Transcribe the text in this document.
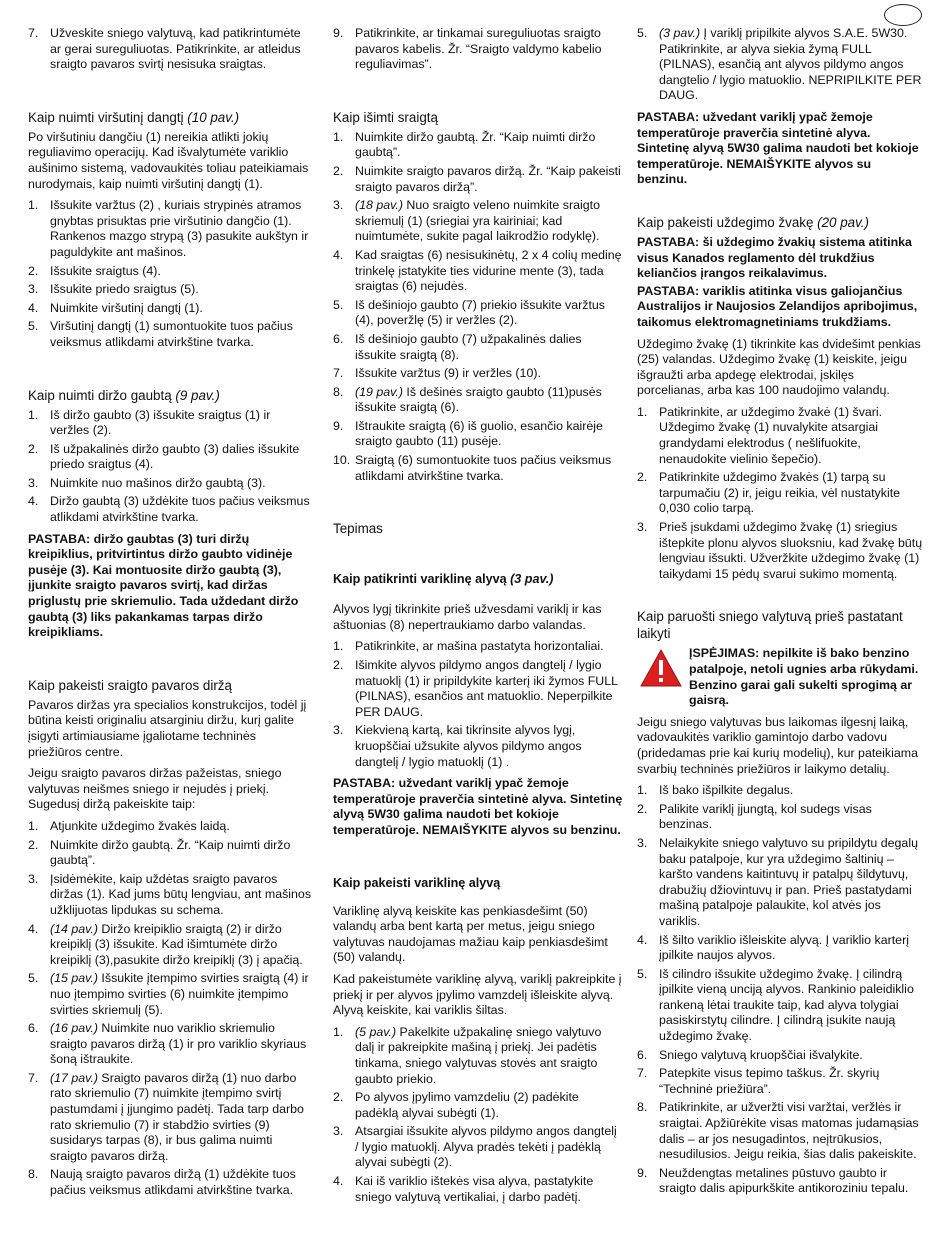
7. Užveskite sniego valytuvą, kad patikrintumėte ar gerai sureguliuotas. Patikrinkite, ar atleidus sraigto pavaros svirtį nesisuka sraigtas.
Kaip nuimti viršutinį dangtį (10 pav.)

Po viršutiniu dangčiu (1) nereikia atlikti jokių reguliavimo operacijų. Kad išvalytumėte variklio aušinimo sistemą, vadovaukitės toliau pateikiamais nurodymais, kaip nuimti viršutinį dangtį (1).

1. Išsukite varžtus (2) , kuriais strypinės atramos gnybtas prisuktas prie viršutinio dangčio (1). Rankenos mazgo strypą (3) pasukite aukštyn ir paguldykite ant mašinos.
2. Išsukite sraigtus (4).
3. Išsukite priedo sraigtus (5).
4. Nuimkite viršutinį dangtį (1).
5. Viršutinį dangtį (1) sumontuokite tuos pačius veiksmus atlikdami atvirkštine tvarka.
Kaip nuimti diržo gaubtą (9 pav.)
1. Iš diržo gaubto (3) išsukite sraigtus (1) ir veržles (2).
2. Iš užpakalinės diržo gaubto (3) dalies išsukite priedo sraigtus (4).
3. Nuimkite nuo mašinos diržo gaubtą (3).
4. Diržo gaubtą (3) uždėkite tuos pačius veiksmus atlikdami atvirkštine tvarka.

PASTABA: diržo gaubtas (3) turi diržų kreipiklius, pritvirtintus diržo gaubto vidinėje pusėje (3). Kai montuosite diržo gaubtą (3), įjunkite sraigto pavaros svirtį, kad diržas priglustų prie skriemulio. Tada uždedant diržo gaubtą (3) liks pakankamas tarpas diržo kreipikliams.

Kaip pakeisti sraigto pavaros diržą

Pavaros diržas yra specialios konstrukcijos, todėl jį būtina keisti originaliu atsarginiu diržu, kurį galite įsigyti artimiausiame įgaliotame techninės priežiūros centre.

Jeigu sraigto pavaros diržas pažeistas, sniego valytuvas neišmes sniego ir nejudės į priekį. Sugedusį diržą pakeiskite taip:

1. Atjunkite uždegimo žvakės laidą.
2. Nuimkite diržo gaubtą. Žr. “Kaip nuimti diržo gaubtą”.
3. Įsidėmėkite, kaip uždėtas sraigto pavaros diržas (1). Kad jums būtų lengviau, ant mašinos užklijuotas lipdukas su schema.
4. (14 pav.) Diržo kreipiklio sraigtą (2) ir diržo kreipiklį (3) išsukite. Kad išimtumėte diržo kreipiklį (3),pasukite diržo kreipiklį (3) į apačią.
5. (15 pav.) Išsukite įtempimo svirties sraigtą (4) ir nuo įtempimo svirties (6) nuimkite įtempimo svirties skriemulį (5).
6. (16 pav.) Nuimkite nuo variklio skriemulio sraigto pavaros diržą (1) ir pro variklio skyriaus šoną ištraukite.
7. (17 pav.) Sraigto pavaros diržą (1) nuo darbo rato skriemulio (7) nuimkite įtempimo svirtį pastumdami į įjungimo padėtį. Tada tarp darbo rato skriemulio (7) ir stabdžio svirties (9) susidarys tarpas (8), ir bus galima nuimti sraigto pavaros diržą.
8. Naują sraigto pavaros diržą (1) uždėkite tuos pačius veiksmus atlikdami atvirkštine tvarka.
9. Patikrinkite, ar tinkamai sureguliuotas sraigto pavaros kabelis. Žr. “Sraigto valdymo kabelio reguliavimas”.
Kaip išimti sraigtą
1. Nuimkite diržo gaubtą. Žr. “Kaip nuimti diržo gaubtą”.
2. Nuimkite sraigto pavaros diržą. Žr. “Kaip pakeisti sraigto pavaros diržą”.
3. (18 pav.) Nuo sraigto veleno nuimkite sraigto skriemulį (1) (sriegiai yra kairiniai; kad nuimtumėte, sukite pagal laikrodžio rodyklę).
4. Kad sraigtas (6) nesisukinėtų, 2 x 4 colių medinę trinkelę įstatykite ties vidurine mente (3), tada sraigtas (6) nejudės.
5. Iš dešiniojo gaubto (7) priekio išsukite varžtus (4), poveržlę (5) ir veržles (2).
6. Iš dešiniojo gaubto (7) užpakalinės dalies išsukite sraigtą (8).
7. Išsukite varžtus (9) ir veržles (10).
8. (19 pav.) Iš dešinės sraigto gaubto (11)pusės išsukite sraigtą (6).
9. Ištraukite sraigtą (6) iš guolio, esančio kairėje sraigto gaubto (11) pusėje.
10. Sraigtą (6) sumontuokite tuos pačius veiksmus atlikdami atvirkštine tvarka.
Tepimas
Kaip patikrinti variklinę alyvą (3 pav.)

Alyvos lygį tikrinkite prieš užvesdami variklį ir kas aštuonias (8) nepertraukiamo darbo valandas.

1. Patikrinkite, ar mašina pastatyta horizontaliai.
2. Išimkite alyvos pildymo angos dangtelį / lygio matuoklį (1) ir pripildykite karterį iki žymos FULL (PILNAS), esančios ant matuoklio. Neperpilkite PER DAUG.
3. Kiekvieną kartą, kai tikrinsite alyvos lygį, kruopščiai užsukite alyvos pildymo angos dangtelį / lygio matuoklį (1) .

PASTABA: užvedant variklį ypač žemoje temperatūroje praverčia sintetinė alyva. Sintetinę alyvą 5W30 galima naudoti bet kokioje temperatūroje. NEMAIŠYKITE alyvos su benzinu.

Kaip pakeisti variklinę alyvą

Variklinę alyvą keiskite kas penkiasdešimt (50) valandų arba bent kartą per metus, jeigu sniego valytuvas naudojamas mažiau kaip penkiasdešimt (50) valandų.

Kad pakeistumėte variklinę alyvą, variklį pakreipkite į priekį ir per alyvos įpylimo vamzdelį išleiskite alyvą. Alyvą keiskite, kai variklis šiltas.

1. (5 pav.) Pakelkite užpakalinę sniego valytuvo dalį ir pakreipkite mašiną į priekį. Jei padėtis tinkama, sniego valytuvas stovės ant sraigto gaubto priekio.
2. Po alyvos įpylimo vamzdeliu (2) padėkite padėklą alyvai subėgti (1).
3. Atsargiai išsukite alyvos pildymo angos dangtelį / lygio matuoklį. Alyva pradės tekėti į padėklą alyvai subėgti (2).
4. Kai iš variklio ištekės visa alyva, pastatykite sniego valytuvą vertikaliai, į darbo padėtį.
5. (3 pav.) Į variklį pripilkite alyvos S.A.E. 5W30. Patikrinkite, ar alyva siekia žymą FULL (PILNAS), esančią ant alyvos pildymo angos dangtelio / lygio matuoklio. NEPRIPILKITE PER DAUG.

PASTABA: užvedant variklį ypač žemoje temperatūroje praverčia sintetinė alyva. Sintetinę alyvą 5W30 galima naudoti bet kokioje temperatūroje. NEMAIŠYKITE alyvos su benzinu.

Kaip pakeisti uždegimo žvakę (20 pav.)

PASTABA: ši uždegimo žvakių sistema atitinka visus Kanados reglamento dėl trukdžius keliančios įrangos reikalavimus.

PASTABA: variklis atitinka visus galiojančius Australijos ir Naujosios Zelandijos apribojimus, taikomus elektromagnetiniams trukdžiams.

Uždegimo žvakę (1) tikrinkite kas dvidešimt penkias (25) valandas. Uždegimo žvakę (1) keiskite, jeigu išgraužti arba apdegę elektrodai, įskilęs porcelianas, arba kas 100 naudojimo valandų.

1. Patikrinkite, ar uždegimo žvakė (1) švari. Uždegimo žvakę (1) nuvalykite atsargiai grandydami elektrodus ( nešlifuokite, nenaudokite vielinio šepečio).
2. Patikrinkite uždegimo žvakės (1) tarpą su tarpumačiu (2) ir, jeigu reikia, vėl nustatykite 0,030 colio tarpą.
3. Prieš įsukdami uždegimo žvakę (1) sriegius ištepkite plonu alyvos sluoksniu, kad žvakę būtų lengviau išsukti. Užveržkite uždegimo žvakę (1) taikydami 15 pėdų svarui sukimo momentą.
Kaip paruošti sniego valytuvą prieš pastatant laikyti
ĮSPĖJIMAS: nepilkite iš bako benzino patalpoje, netoli ugnies arba rūkydami. Benzino garai gali sukelti sprogimą ar gaisrą.

Jeigu sniego valytuvas bus laikomas ilgesnį laiką, vadovaukitės variklio gamintojo darbo vadovu (pridedamas prie kai kurių modelių), kur pateikiama svarbių techninės priežiūros ir laikymo detalių.

1. Iš bako išpilkite degalus.
2. Palikite variklį įjungtą, kol sudegs visas benzinas.
3. Nelaikykite sniego valytuvo su pripildytu degalų baku patalpoje, kur yra uždegimo šaltinių – karšto vandens kaitintuvų ir patalpų šildytuvų, drabužių džiovintuvų ir pan. Prieš pastatydami mašiną patalpoje palaukite, kol atvės jos variklis.
4. Iš šilto variklio išleiskite alyvą. Į variklio karterį įpilkite naujos alyvos.
5. Iš cilindro išsukite uždegimo žvakę. Į cilindrą įpilkite vieną unciją alyvos. Rankinio paleidiklio rankeną lėtai traukite taip, kad alyva tolygiai pasiskirstytų cilindre. Į cilindrą įsukite naują uždegimo žvakę.
6. Sniego valytuvą kruopščiai išvalykite.
7. Patepkite visus tepimo taškus. Žr. skyrių “Techninė priežiūra”.
8. Patikrinkite, ar užveržti visi varžtai, veržlės ir sraigtai. Apžiūrėkite visas matomas judamąsias dalis – ar jos nesugadintos, neįtrūkusios, nesudilusios. Jeigu reikia, šias dalis pakeiskite.
9. Neuždengtas metalines pūstuvo gaubto ir sraigto dalis apipurkškite antikoroziniu tepalu.
